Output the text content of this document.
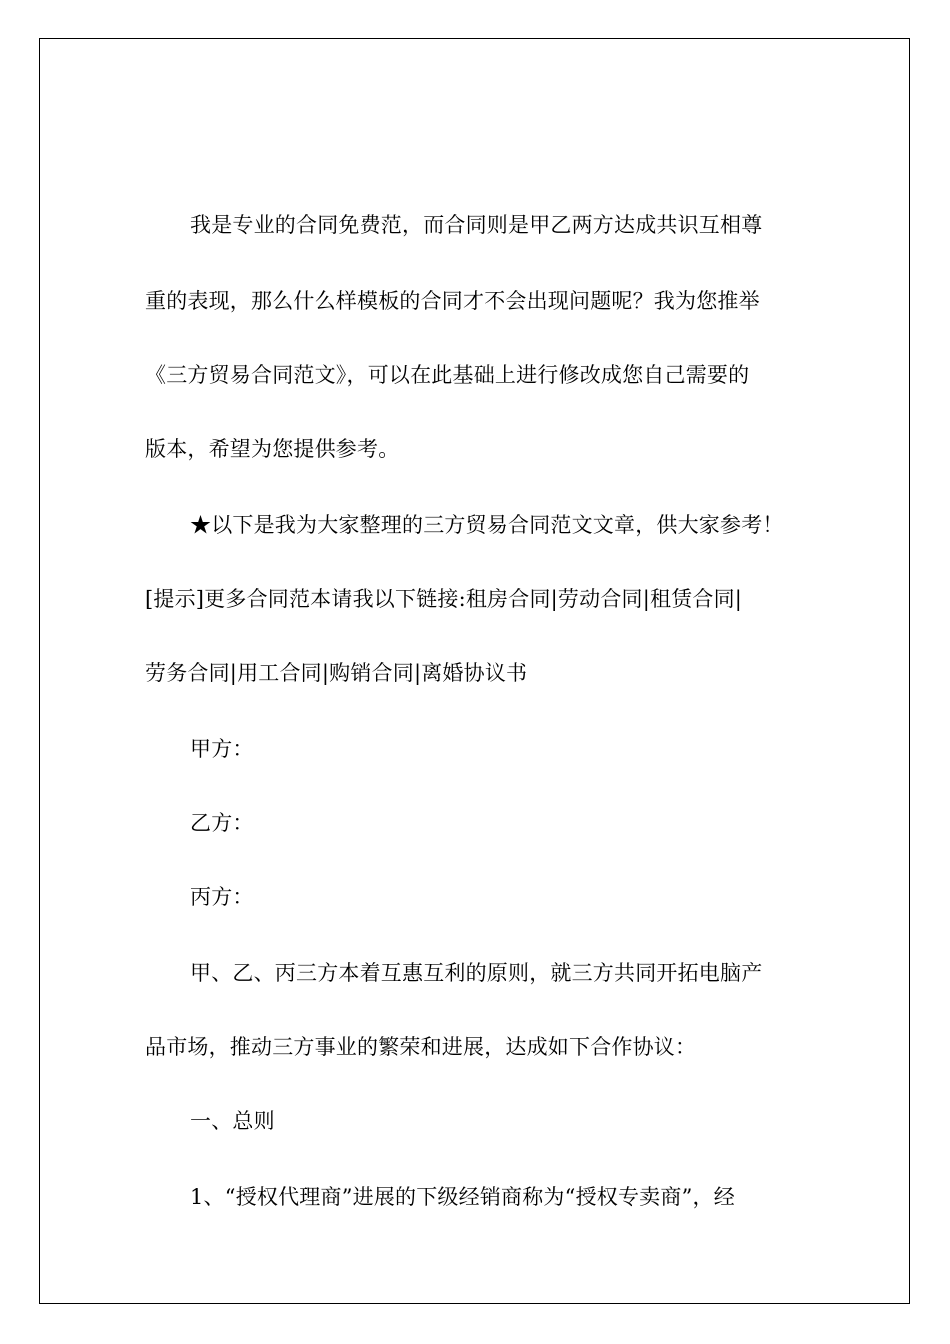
我是专业的合同免费范，而合同则是甲乙两方达成共识互相尊
重的表现，那么什么样模板的合同才不会出现问题呢？我为您推举
《三方贸易合同范文》，可以在此基础上进行修改成您自己需要的
版本，希望为您提供参考。
★以下是我为大家整理的三方贸易合同范文文章，供大家参考！
[提示]更多合同范本请我以下链接:租房合同|劳动合同|租赁合同|
劳务合同|用工合同|购销合同|离婚协议书
甲方：
乙方：
丙方：
甲、乙、丙三方本着互惠互利的原则，就三方共同开拓电脑产
品市场，推动三方事业的繁荣和进展，达成如下合作协议：
一、总则
1、“授权代理商”进展的下级经销商称为“授权专卖商”，经
